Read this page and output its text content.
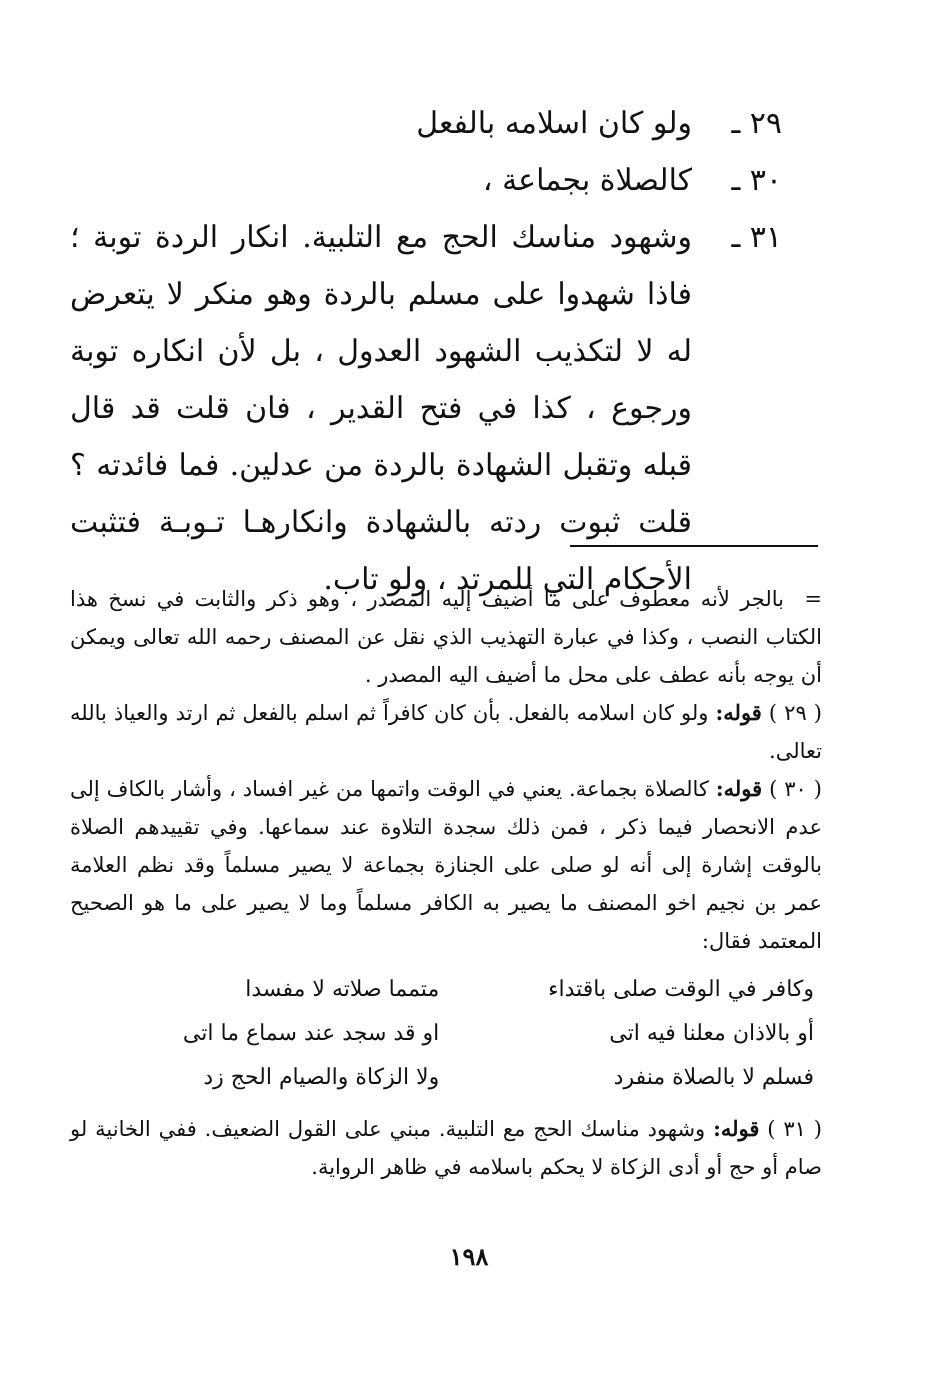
٢٩ ـ
ولو كان اسلامه بالفعل
٣٠ ـ
كالصلاة بجماعة ،
٣١ ـ
وشهود مناسك الحج مع التلبية. انكار الردة توبة ؛ فاذا شهدوا على مسلم بالردة وهو منكر لا يتعرض له لا لتكذيب الشهود العدول ، بل لأن انكاره توبة ورجوع ، كذا في فتح القدير ، فان قلت قد قال قبله وتقبل الشهادة بالردة من عدلين. فما فائدته ؟ قلت ثبوت ردته بالشهادة وانكارهـا تـوبـة فتثبت الأحكام التي للمرتد ، ولو تاب.

= بالجر لأنه معطوف على ما أضيف إليه المصدر ، وهو ذكر والثابت في نسخ هذا الكتاب النصب ، وكذا في عبارة التهذيب الذي نقل عن المصنف رحمه الله تعالى ويمكن أن يوجه بأنه عطف على محل ما أضيف اليه المصدر .

( ٢٩ ) قوله: ولو كان اسلامه بالفعل. بأن كان كافراً ثم اسلم بالفعل ثم ارتد والعياذ بالله تعالى.

( ٣٠ ) قوله: كالصلاة بجماعة. يعني في الوقت واتمها من غير افساد ، وأشار بالكاف إلى عدم الانحصار فيما ذكر ، فمن ذلك سجدة التلاوة عند سماعها. وفي تقييدهم الصلاة بالوقت إشارة إلى أنه لو صلى على الجنازة بجماعة لا يصير مسلماً وقد نظم العلامة عمر بن نجيم اخو المصنف ما يصير به الكافر مسلماً وما لا يصير على ما هو الصحيح المعتمد فقال:

وكافر في الوقت صلى باقتداء
متمما صلاته لا مفسدا
أو بالاذان معلنا فيه اتى
او قد سجد عند سماع ما اتى
فسلم لا بالصلاة منفرد
ولا الزكاة والصيام الحج زد

( ٣١ ) قوله: وشهود مناسك الحج مع التلبية. مبني على القول الضعيف. ففي الخانية لو صام أو حج أو أدى الزكاة لا يحكم باسلامه في ظاهر الرواية.

١٩٨
